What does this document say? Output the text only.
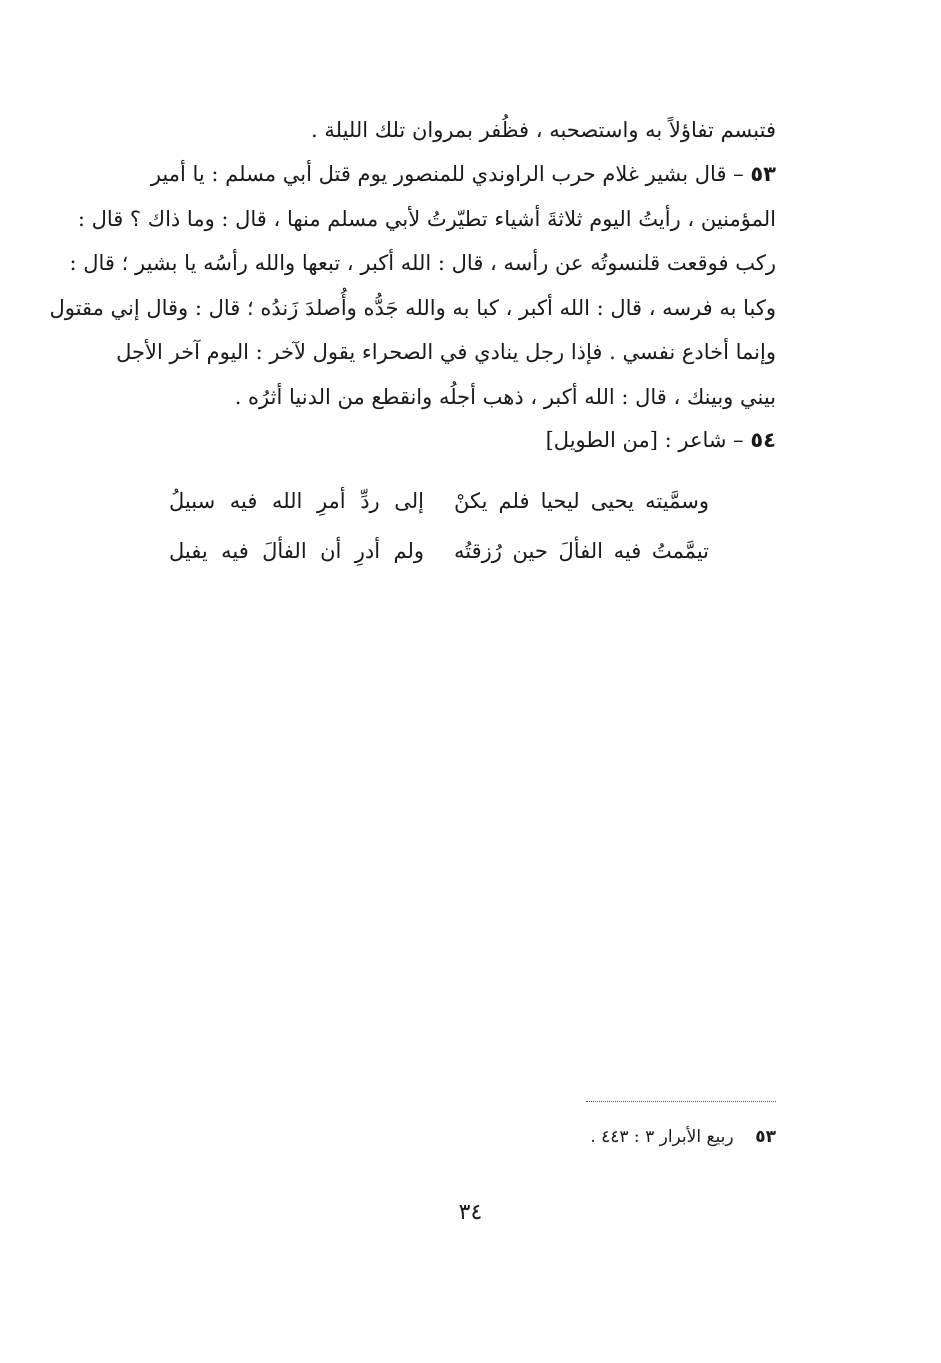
فتبسم تفاؤلاً به واستصحبه ، فظُفر بمروان تلك الليلة .
٥٣ – قال بشير غلام حرب الراوندي للمنصور يوم قتل أبي مسلم : يا أمير
المؤمنين ، رأيتُ اليوم ثلاثةَ أشياء تطيّرتُ لأبي مسلم منها ، قال : وما ذاك ؟ قال :
ركب فوقعت قلنسوتُه عن رأسه ، قال : الله أكبر ، تبعها والله رأسُه يا بشير ؛ قال :
وكبا به فرسه ، قال : الله أكبر ، كبا به والله جَدُّه وأُصلدَ زَندُه ؛ قال : وقال إني مقتول
وإنما أخادع نفسي . فإذا رجل ينادي في الصحراء يقول لآخر : اليوم آخر الأجل
بيني وبينك ، قال : الله أكبر ، ذهب أجلُه وانقطع من الدنيا أثرُه .
٥٤ – شاعر : [من الطويل]
وسمَّيته يحيى ليحيا فلم يكنْ
إلى ردِّ أمرِ الله فيه سبيلُ
تيمَّمتُ فيه الفألَ حين رُزقتُه
ولم أدرِ أن الفألَ فيه يفيل
٥٣    ربيع الأبرار ٣ : ٤٤٣ .
٣٤
